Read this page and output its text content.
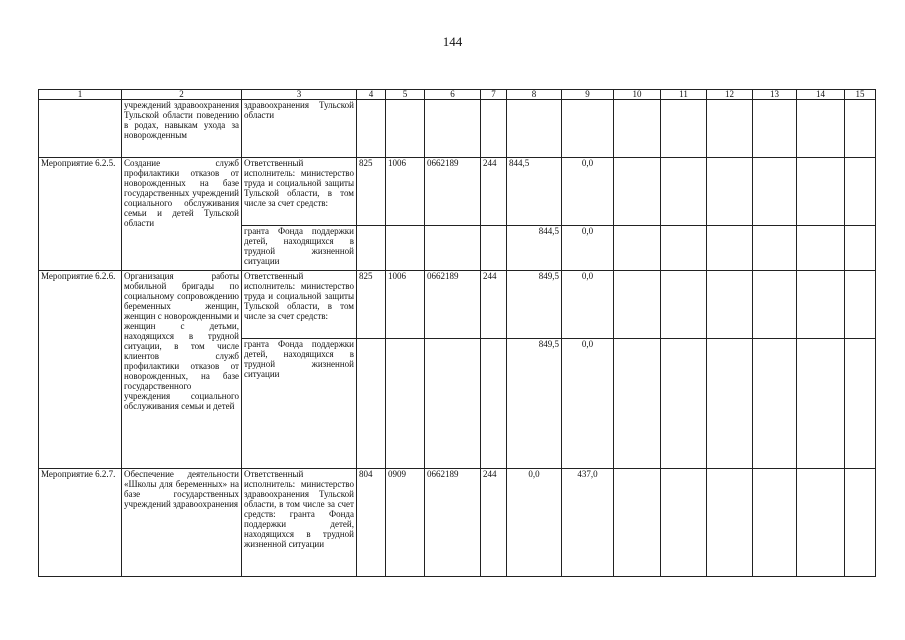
144
1	2	3	4	5	6	7	8	9	10	11	12	13	14	15
	учреждений здравоохранения Тульской области поведению в родах, навыкам ухода за новорожденным	здравоохранения Тульской области												
Мероприятие 6.2.5.	Создание служб профилактики отказов от новорожденных на базе государственных учреждений социального обслуживания семьи и детей Тульской области	Ответственный исполнитель: министерство труда и социальной защиты Тульской области, в том числе за счет средств:	825	1006	0662189	244	844,5	0,0						
		гранта Фонда поддержки детей, находящихся в трудной жизненной ситуации					844,5	0,0						
Мероприятие 6.2.6.	Организация работы мобильной бригады по социальному сопровождению беременных женщин, женщин с новорожденными и женщин с детьми, находящихся в трудной ситуации, в том числе клиентов служб профилактики отказов от новорожденных, на базе государственного учреждения социального обслуживания семьи и детей	Ответственный исполнитель: министерство труда и социальной защиты Тульской области, в том числе за счет средств:	825	1006	0662189	244	849,5	0,0						
		гранта Фонда поддержки детей, находящихся в трудной жизненной ситуации					849,5	0,0						
Мероприятие 6.2.7.	Обеспечение деятельности «Школы для беременных» на базе государственных учреждений здравоохранения	Ответственный исполнитель: министерство здравоохранения Тульской области, в том числе за счет средств: гранта Фонда поддержки детей, находящихся в трудной жизненной ситуации	804	0909	0662189	244	0,0	437,0						
